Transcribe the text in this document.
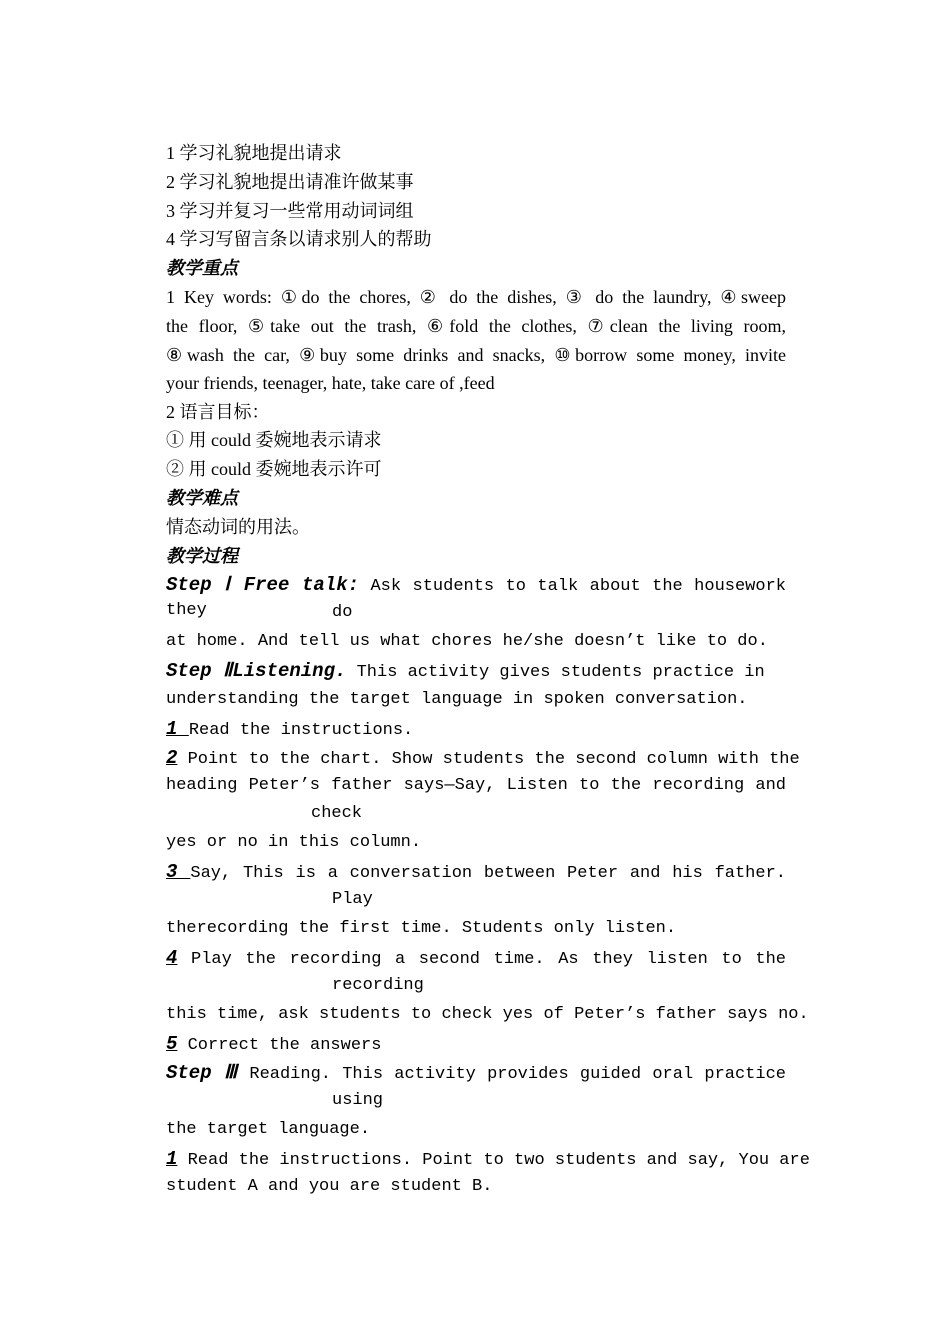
1 学习礼貌地提出请求
2 学习礼貌地提出请准许做某事
3 学习并复习一些常用动词词组
4 学习写留言条以请求别人的帮助
教学重点
1 Key words: ①do the chores, ② do the dishes, ③ do the laundry, ④sweep
the floor, ⑤take out the trash, ⑥fold the clothes, ⑦clean the living room,
⑧wash the car, ⑨buy some drinks and snacks, ⑩borrow some money, invite
your friends, teenager, hate, take care of ,feed
2 语言目标：
① 用 could 委婉地表示请求
② 用 could 委婉地表示许可
教学难点
情态动词的用法。
教学过程
Step Ⅰ Free talk: Ask students to talk about the housework they	do
at home. And tell us what chores he/she doesn’t like to do.
Step ⅡListening. This activity gives students practice in
understanding the target language in spoken conversation.
1 Read the instructions.
2 Point to the chart. Show students the second column with the
heading Peter’s father says—Say, Listen to the recording and
check
yes or no in this column.
3 Say, This is a conversation between Peter and his father.
Play
therecording the first time. Students only listen.
4 Play the recording a second time. As they listen to the
recording
this time, ask students to check yes of Peter’s father says no.
5 Correct the answers
Step Ⅲ Reading. This activity provides guided oral practice
using
the target language.
1 Read the instructions. Point to two students and say, You are
student A and you are student B.
